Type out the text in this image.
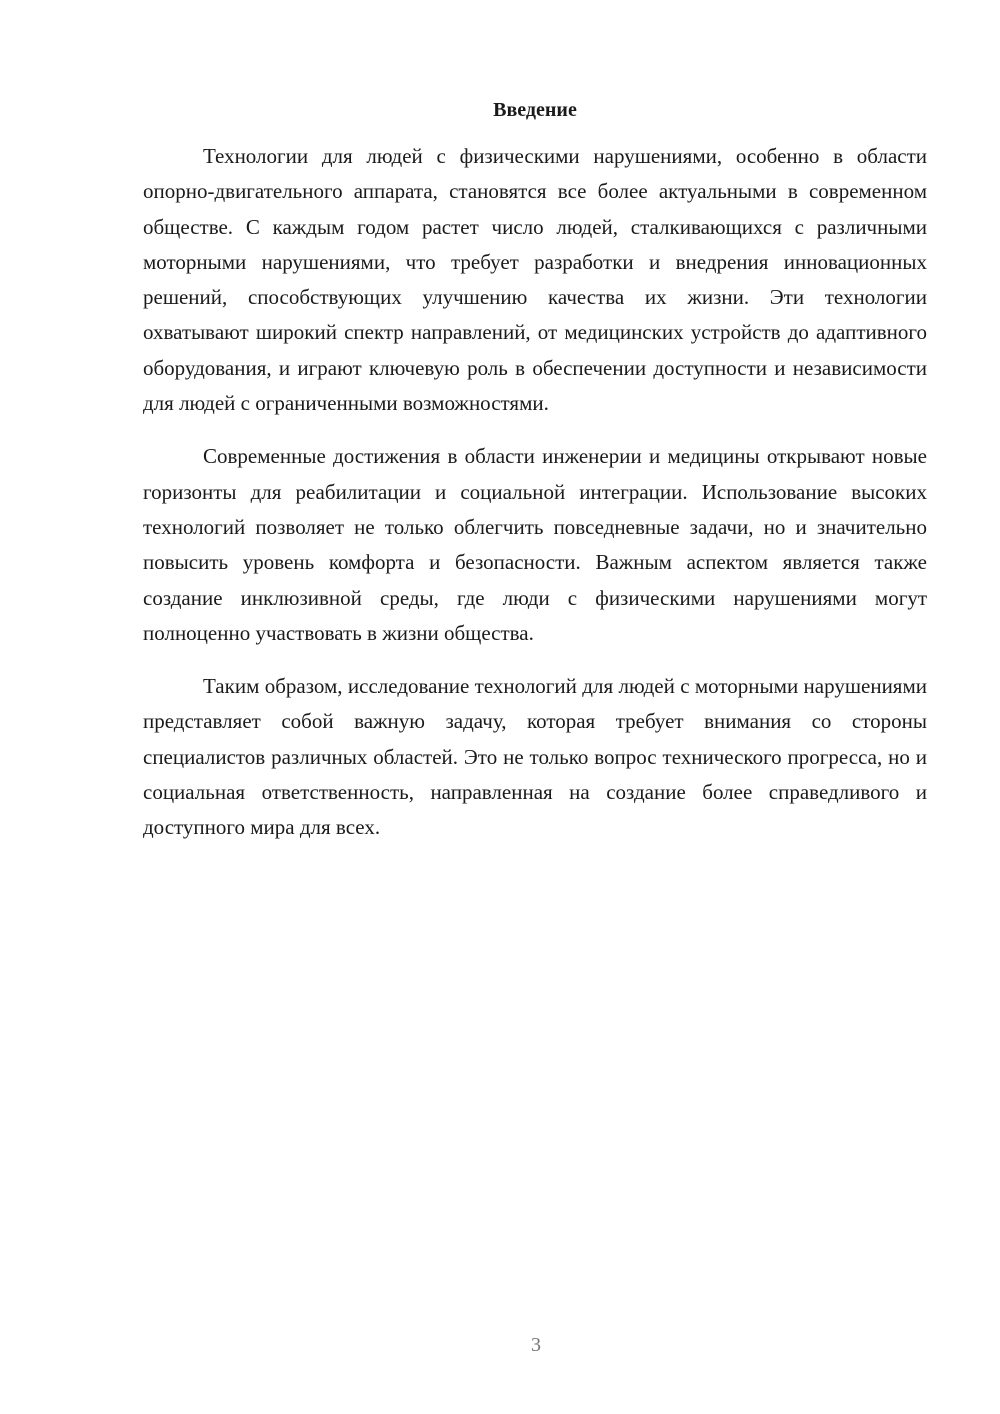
Введение

Технологии для людей с физическими нарушениями, особенно в области опорно-двигательного аппарата, становятся все более актуальными в современном обществе. С каждым годом растет число людей, сталкивающихся с различными моторными нарушениями, что требует разработки и внедрения инновационных решений, способствующих улучшению качества их жизни. Эти технологии охватывают широкий спектр направлений, от медицинских устройств до адаптивного оборудования, и играют ключевую роль в обеспечении доступности и независимости для людей с ограниченными возможностями.

Современные достижения в области инженерии и медицины открывают новые горизонты для реабилитации и социальной интеграции. Использование высоких технологий позволяет не только облегчить повседневные задачи, но и значительно повысить уровень комфорта и безопасности. Важным аспектом является также создание инклюзивной среды, где люди с физическими нарушениями могут полноценно участвовать в жизни общества.

Таким образом, исследование технологий для людей с моторными нарушениями представляет собой важную задачу, которая требует внимания со стороны специалистов различных областей. Это не только вопрос технического прогресса, но и социальная ответственность, направленная на создание более справедливого и доступного мира для всех.

3
